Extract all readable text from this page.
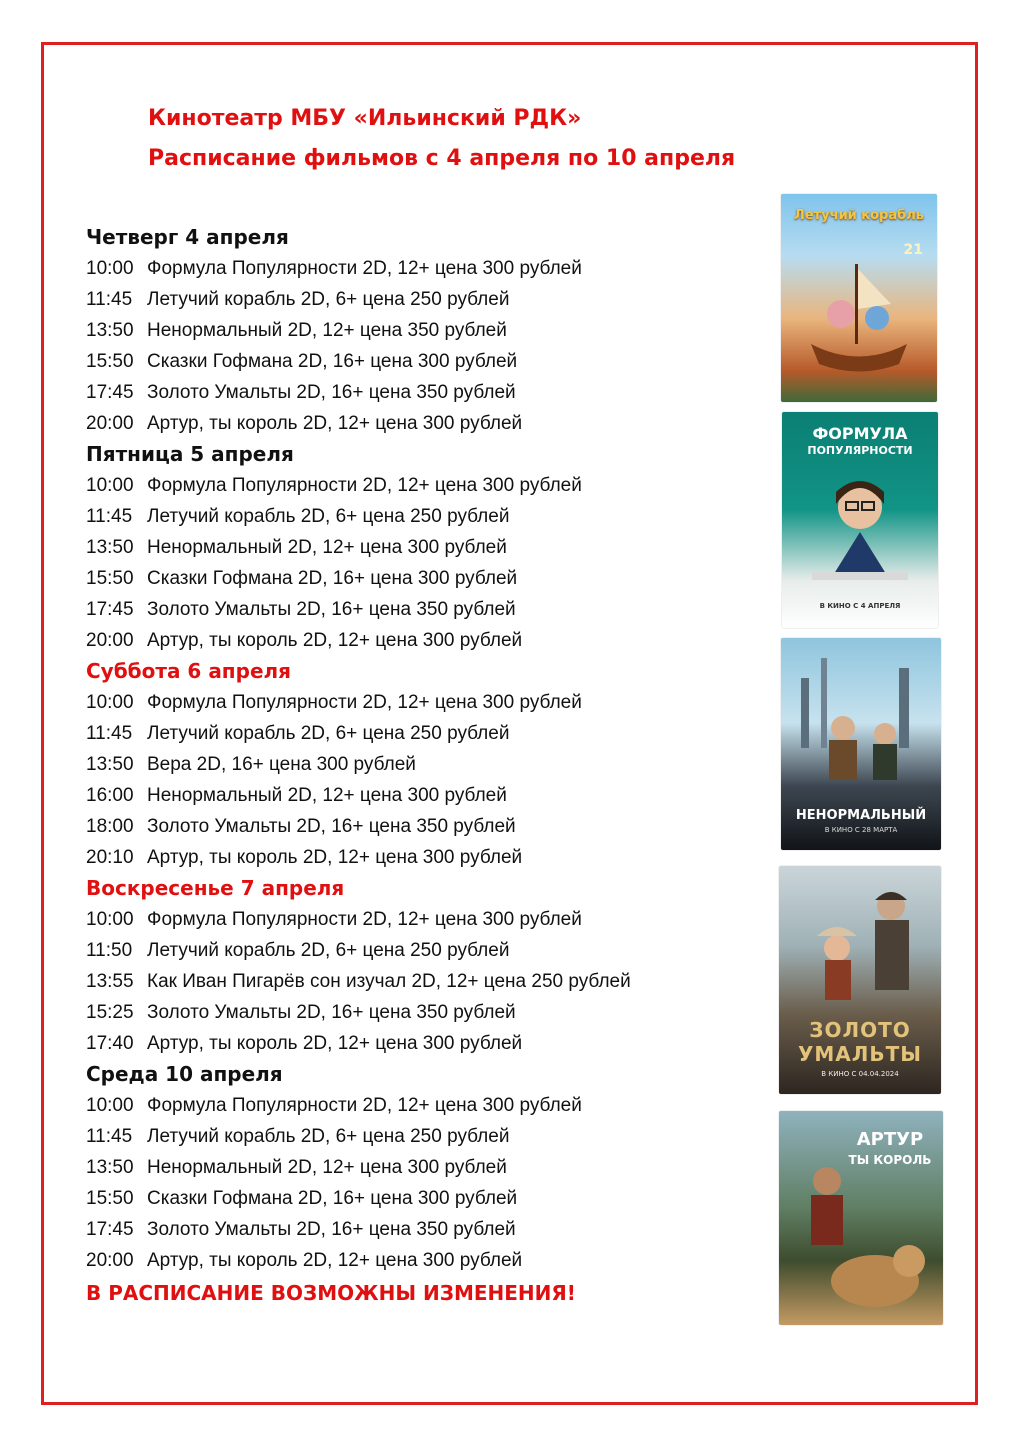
Кинотеатр МБУ «Ильинский РДК»
Расписание фильмов с 4 апреля по 10 апреля
Четверг 4 апреля
10:00 Формула Популярности 2D, 12+ цена 300 рублей
11:45 Летучий корабль 2D, 6+ цена 250 рублей
13:50 Ненормальный 2D, 12+ цена 350 рублей
15:50 Сказки Гофмана 2D, 16+ цена 300 рублей
17:45 Золото Умальты 2D, 16+ цена 350 рублей
20:00 Артур, ты король 2D, 12+ цена 300 рублей
Пятница 5 апреля
10:00 Формула Популярности 2D, 12+ цена 300 рублей
11:45 Летучий корабль 2D, 6+ цена 250 рублей
13:50 Ненормальный 2D, 12+ цена 300 рублей
15:50 Сказки Гофмана 2D, 16+ цена 300 рублей
17:45 Золото Умальты 2D, 16+ цена 350 рублей
20:00 Артур, ты король 2D, 12+ цена 300 рублей
Суббота 6 апреля
10:00 Формула Популярности 2D, 12+ цена 300 рублей
11:45 Летучий корабль 2D, 6+ цена 250 рублей
13:50 Вера 2D, 16+ цена 300 рублей
16:00 Ненормальный 2D, 12+ цена 300 рублей
18:00 Золото Умальты 2D, 16+ цена 350 рублей
20:10 Артур, ты король 2D, 12+ цена 300 рублей
Воскресенье 7 апреля
10:00 Формула Популярности 2D, 12+ цена 300 рублей
11:50 Летучий корабль 2D, 6+ цена 250 рублей
13:55 Как Иван Пигарёв сон изучал 2D, 12+ цена 250 рублей
15:25 Золото Умальты 2D, 16+ цена 350 рублей
17:40 Артур, ты король 2D, 12+ цена 300 рублей
Среда 10 апреля
10:00 Формула Популярности 2D, 12+ цена 300 рублей
11:45 Летучий корабль 2D, 6+ цена 250 рублей
13:50 Ненормальный 2D, 12+ цена 300 рублей
15:50 Сказки Гофмана 2D, 16+ цена 300 рублей
17:45 Золото Умальты 2D, 16+ цена 350 рублей
20:00 Артур, ты король 2D, 12+ цена 300 рублей
В РАСПИСАНИЕ ВОЗМОЖНЫ ИЗМЕНЕНИЯ!
Летучий корабль
21
ФОРМУЛА
ПОПУЛЯРНОСТИ
В КИНО С 4 АПРЕЛЯ
НЕНОРМАЛЬНЫЙ
В КИНО С 28 МАРТА
ЗОЛОТО
УМАЛЬТЫ
В КИНО С 04.04.2024
АРТУР
ТЫ КОРОЛЬ
